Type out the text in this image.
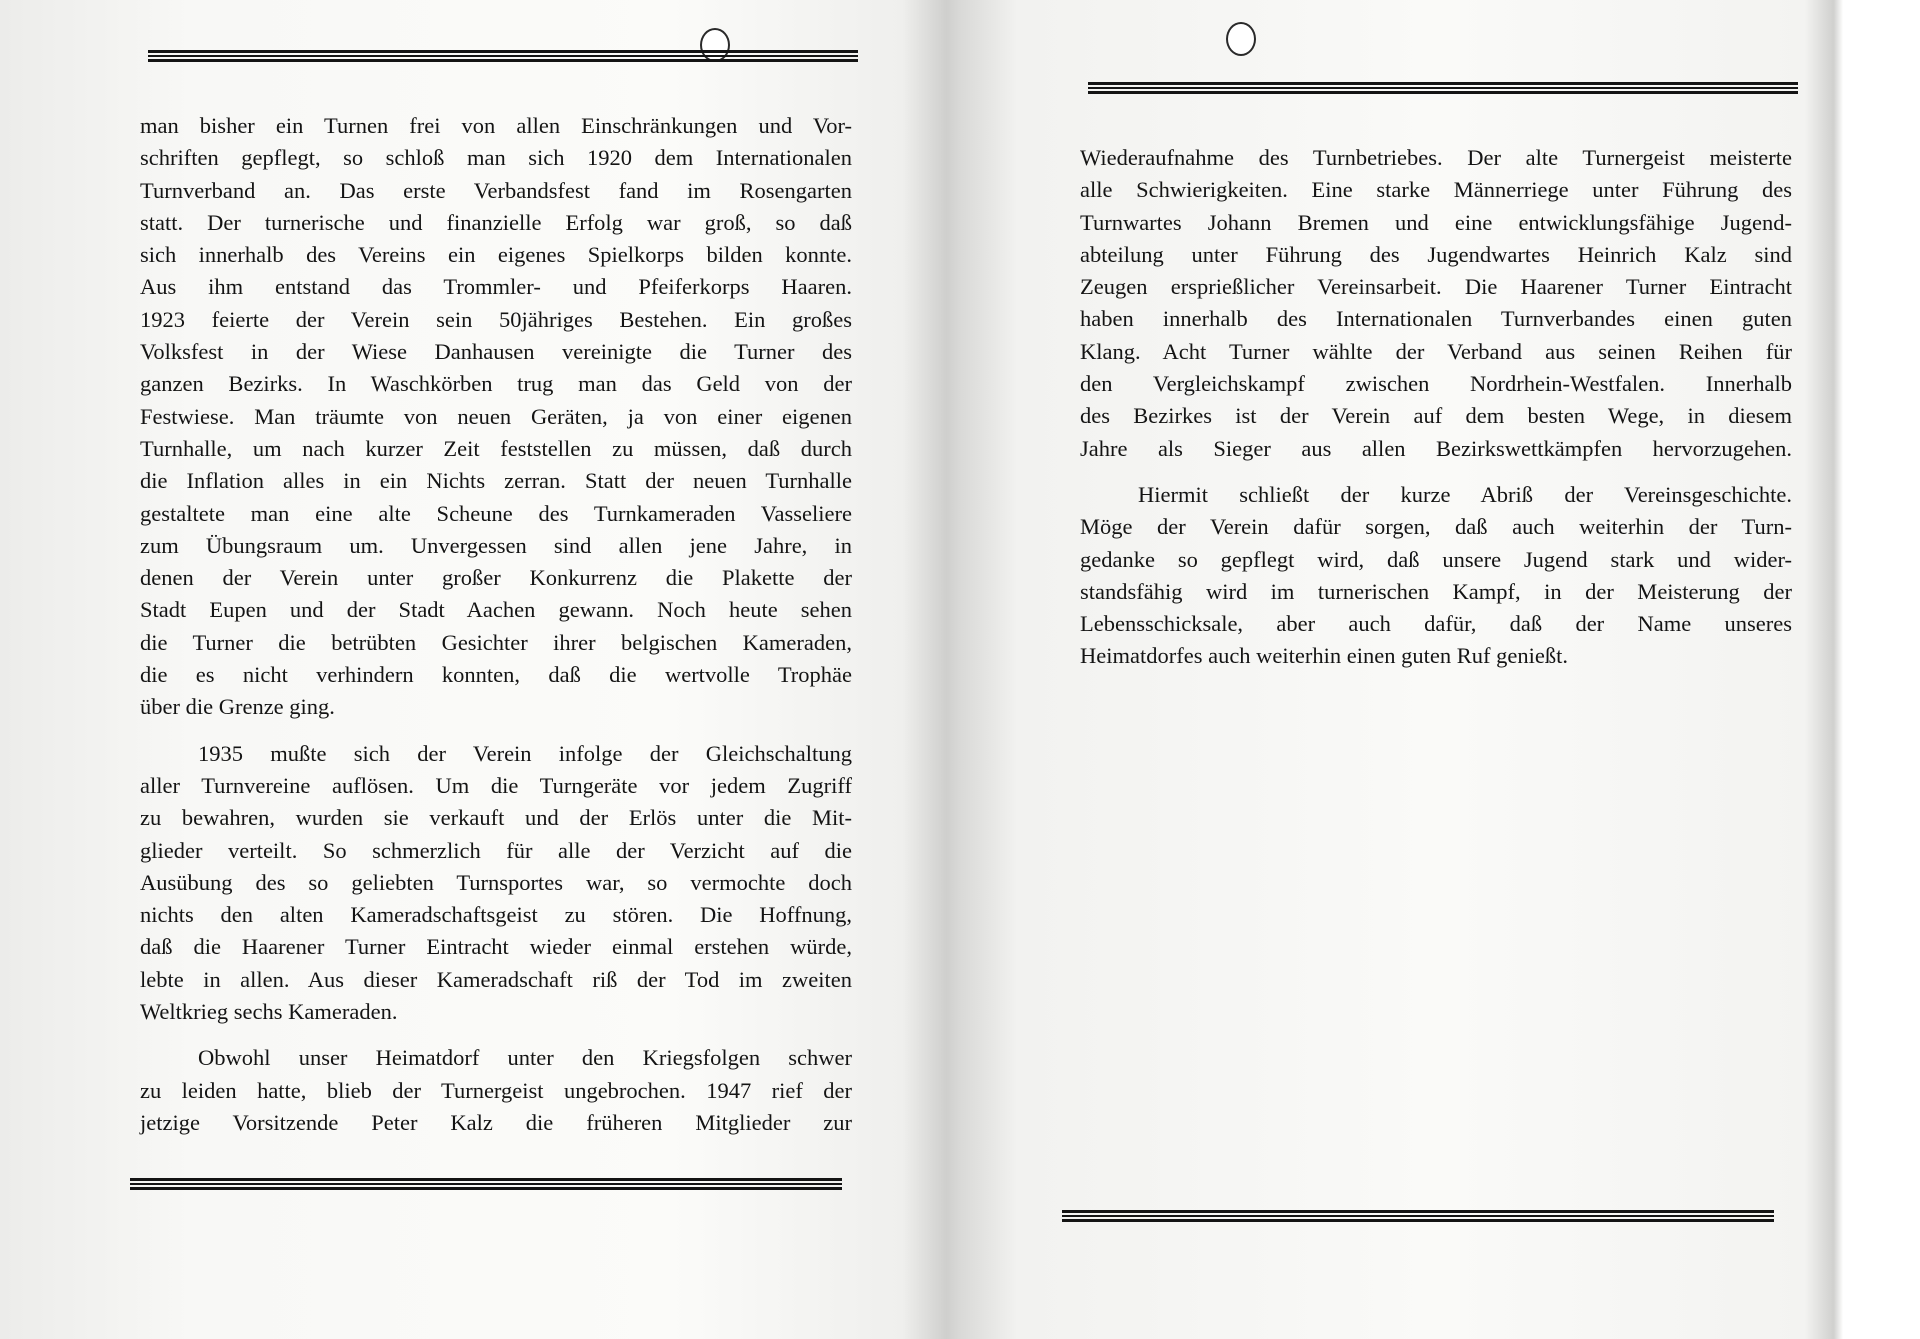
man bisher ein Turnen frei von allen Einschränkungen und Vor-
schriften gepflegt, so schloß man sich 1920 dem Internationalen
Turnverband an. Das erste Verbandsfest fand im Rosengarten
statt. Der turnerische und finanzielle Erfolg war groß, so daß
sich innerhalb des Vereins ein eigenes Spielkorps bilden konnte.
Aus ihm entstand das Trommler- und Pfeiferkorps Haaren.
1923 feierte der Verein sein 50jähriges Bestehen. Ein großes
Volksfest in der Wiese Danhausen vereinigte die Turner des
ganzen Bezirks. In Waschkörben trug man das Geld von der
Festwiese. Man träumte von neuen Geräten, ja von einer eigenen
Turnhalle, um nach kurzer Zeit feststellen zu müssen, daß durch
die Inflation alles in ein Nichts zerran. Statt der neuen Turnhalle
gestaltete man eine alte Scheune des Turnkameraden Vasseliere
zum Übungsraum um. Unvergessen sind allen jene Jahre, in
denen der Verein unter großer Konkurrenz die Plakette der
Stadt Eupen und der Stadt Aachen gewann. Noch heute sehen
die Turner die betrübten Gesichter ihrer belgischen Kameraden,
die es nicht verhindern konnten, daß die wertvolle Trophäe
über die Grenze ging.
1935 mußte sich der Verein infolge der Gleichschaltung
aller Turnvereine auflösen. Um die Turngeräte vor jedem Zugriff
zu bewahren, wurden sie verkauft und der Erlös unter die Mit-
glieder verteilt. So schmerzlich für alle der Verzicht auf die
Ausübung des so geliebten Turnsportes war, so vermochte doch
nichts den alten Kameradschaftsgeist zu stören. Die Hoffnung,
daß die Haarener Turner Eintracht wieder einmal erstehen würde,
lebte in allen. Aus dieser Kameradschaft riß der Tod im zweiten
Weltkrieg sechs Kameraden.
Obwohl unser Heimatdorf unter den Kriegsfolgen schwer
zu leiden hatte, blieb der Turnergeist ungebrochen. 1947 rief der
jetzige Vorsitzende Peter Kalz die früheren Mitglieder zur
Wiederaufnahme des Turnbetriebes. Der alte Turnergeist meisterte
alle Schwierigkeiten. Eine starke Männerriege unter Führung des
Turnwartes Johann Bremen und eine entwicklungsfähige Jugend-
abteilung unter Führung des Jugendwartes Heinrich Kalz sind
Zeugen ersprießlicher Vereinsarbeit. Die Haarener Turner Eintracht
haben innerhalb des Internationalen Turnverbandes einen guten
Klang. Acht Turner wählte der Verband aus seinen Reihen für
den Vergleichskampf zwischen Nordrhein-Westfalen. Innerhalb
des Bezirkes ist der Verein auf dem besten Wege, in diesem
Jahre als Sieger aus allen Bezirkswettkämpfen hervorzugehen.
Hiermit schließt der kurze Abriß der Vereinsgeschichte.
Möge der Verein dafür sorgen, daß auch weiterhin der Turn-
gedanke so gepflegt wird, daß unsere Jugend stark und wider-
standsfähig wird im turnerischen Kampf, in der Meisterung der
Lebensschicksale, aber auch dafür, daß der Name unseres
Heimatdorfes auch weiterhin einen guten Ruf genießt.
